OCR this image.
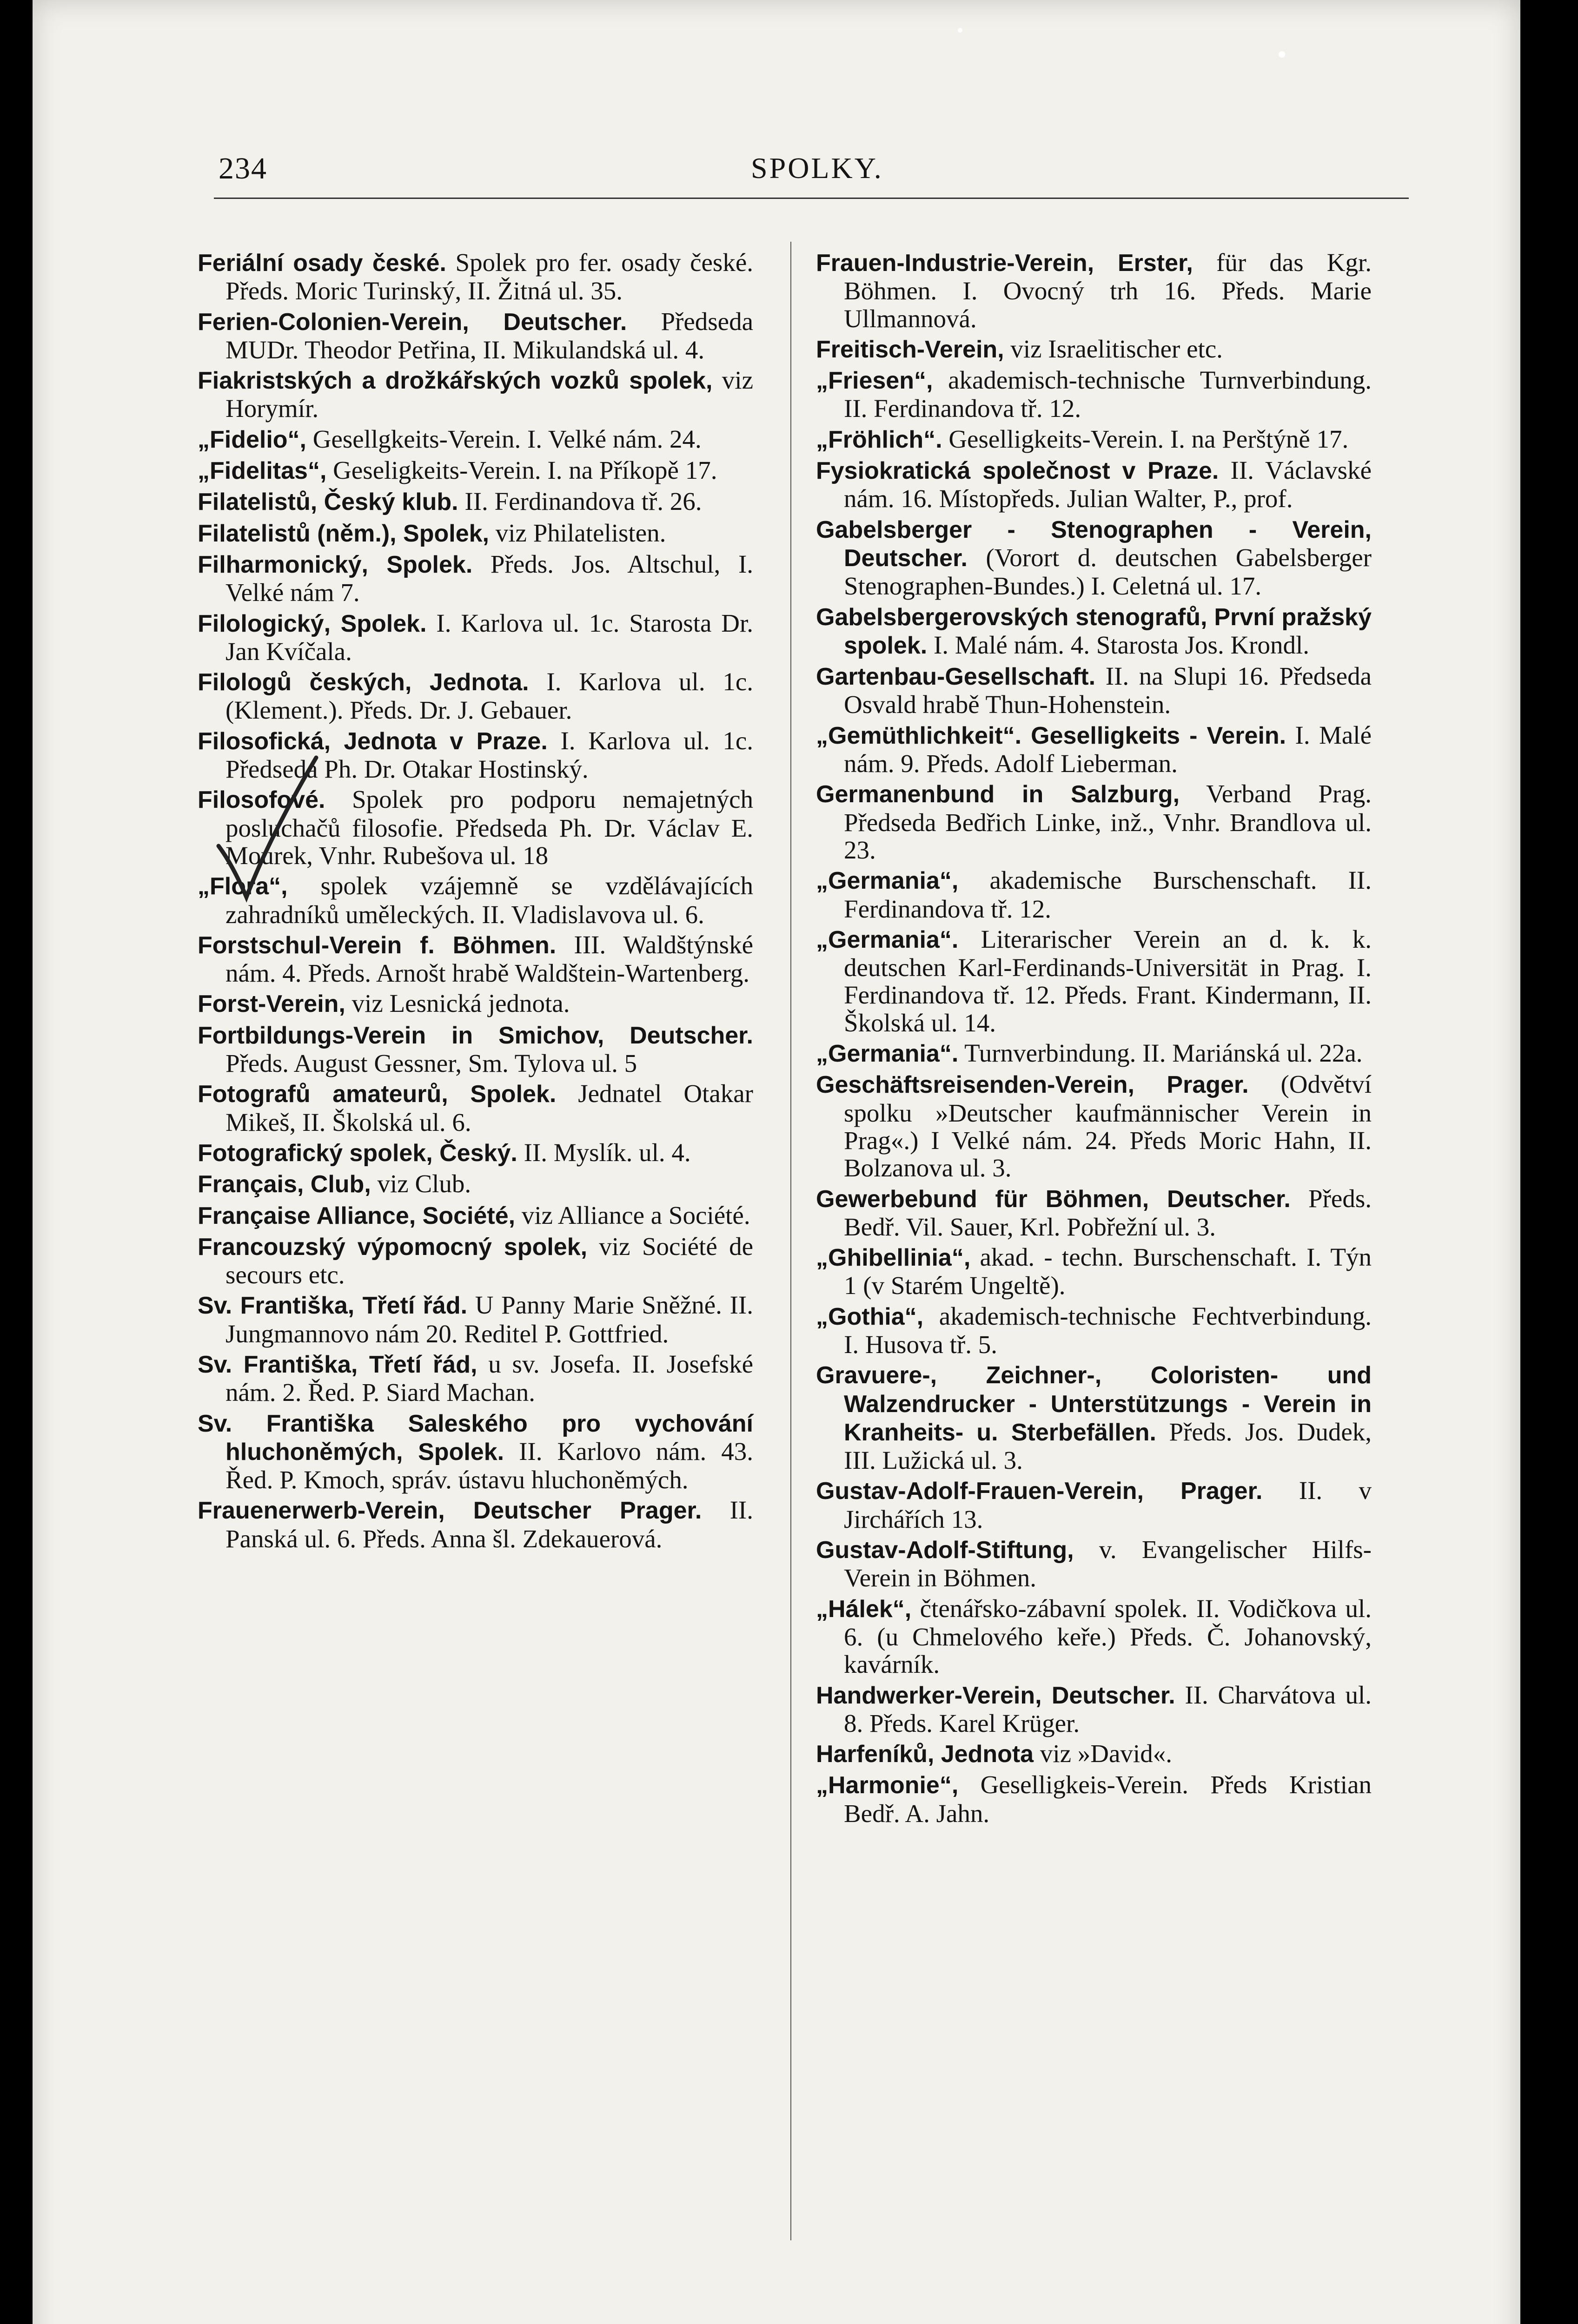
234	SPOLKY.

Feriální osady české. Spolek pro fer. osady české. Předs. Moric Turinský, II. Žitná ul. 35.

Ferien-Colonien-Verein, Deutscher. Předseda MUDr. Theodor Petřina, II. Mikulandská ul. 4.

Fiakristských a drožkářských vozků spolek, viz Horymír.

„Fidelio“, Gesellgkeits-Verein. I. Velké nám. 24.

„Fidelitas“, Geseligkeits-Verein. I. na Příkopě 17.

Filatelistů, Český klub. II. Ferdinandova tř. 26.

Filatelistů (něm.), Spolek, viz Philatelisten.

Filharmonický, Spolek. Předs. Jos. Altschul, I. Velké nám 7.

Filologický, Spolek. I. Karlova ul. 1c. Starosta Dr. Jan Kvíčala.

Filologů českých, Jednota. I. Karlova ul. 1c. (Klement.). Předs. Dr. J. Gebauer.

Filosofická, Jednota v Praze. I. Karlova ul. 1c. Předseda Ph. Dr. Otakar Hostinský.

Filosofové. Spolek pro podporu nemajetných posluchačů filosofie. Předseda Ph. Dr. Václav E. Mourek, Vnhr. Rubešova ul. 18

„Flora“, spolek vzájemně se vzdělávajících zahradníků uměleckých. II. Vladislavova ul. 6.

Forstschul-Verein f. Böhmen. III. Waldštýnské nám. 4. Předs. Arnošt hrabě Waldštein-Wartenberg.

Forst-Verein, viz Lesnická jednota.

Fortbildungs-Verein in Smichov, Deutscher. Předs. August Gessner, Sm. Tylova ul. 5

Fotografů amateurů, Spolek. Jednatel Otakar Mikeš, II. Školská ul. 6.

Fotografický spolek, Český. II. Myslík. ul. 4.

Français, Club, viz Club.

Française Alliance, Société, viz Alliance a Société.

Francouzský výpomocný spolek, viz Société de secours etc.

Sv. Františka, Třetí řád. U Panny Marie Sněžné. II. Jungmannovo nám 20. Reditel P. Gottfried.

Sv. Františka, Třetí řád, u sv. Josefa. II. Josefské nám. 2. Řed. P. Siard Machan.

Sv. Františka Saleského pro vychování hluchoněmých, Spolek. II. Karlovo nám. 43. Řed. P. Kmoch, správ. ústavu hluchoněmých.

Frauenerwerb-Verein, Deutscher Prager. II. Panská ul. 6. Předs. Anna šl. Zdekauerová.

Frauen-Industrie-Verein, Erster, für das Kgr. Böhmen. I. Ovocný trh 16. Předs. Marie Ullmannová.

Freitisch-Verein, viz Israelitischer etc.

„Friesen“, akademisch-technische Turnverbindung. II. Ferdinandova tř. 12.

„Fröhlich“. Geselligkeits-Verein. I. na Perštýně 17.

Fysiokratická společnost v Praze. II. Václavské nám. 16. Místopředs. Julian Walter, P., prof.

Gabelsberger - Stenographen - Verein, Deutscher. (Vorort d. deutschen Gabelsberger Stenographen-Bundes.) I. Celetná ul. 17.

Gabelsbergerovských stenografů, První pražský spolek. I. Malé nám. 4. Starosta Jos. Krondl.

Gartenbau-Gesellschaft. II. na Slupi 16. Předseda Osvald hrabě Thun-Hohenstein.

„Gemüthlichkeit“. Geselligkeits - Verein. I. Malé nám. 9. Předs. Adolf Lieberman.

Germanenbund in Salzburg, Verband Prag. Předseda Bedřich Linke, inž., Vnhr. Brandlova ul. 23.

„Germania“, akademische Burschenschaft. II. Ferdinandova tř. 12.

„Germania“. Literarischer Verein an d. k. k. deutschen Karl-Ferdinands-Universität in Prag. I. Ferdinandova tř. 12. Předs. Frant. Kindermann, II. Školská ul. 14.

„Germania“. Turnverbindung. II. Mariánská ul. 22a.

Geschäftsreisenden-Verein, Prager. (Odvětví spolku »Deutscher kaufmännischer Verein in Prag«.) I Velké nám. 24. Předs Moric Hahn, II. Bolzanova ul. 3.

Gewerbebund für Böhmen, Deutscher. Předs. Bedř. Vil. Sauer, Krl. Pobřežní ul. 3.

„Ghibellinia“, akad. - techn. Burschenschaft. I. Týn 1 (v Starém Ungeltě).

„Gothia“, akademisch-technische Fechtverbindung. I. Husova tř. 5.

Gravuere-, Zeichner-, Coloristen- und Walzendrucker - Unterstützungs - Verein in Kranheits- u. Sterbefällen. Předs. Jos. Dudek, III. Lužická ul. 3.

Gustav-Adolf-Frauen-Verein, Prager. II. v Jirchářích 13.

Gustav-Adolf-Stiftung, v. Evangelischer Hilfs-Verein in Böhmen.

„Hálek“, čtenářsko-zábavní spolek. II. Vodičkova ul. 6. (u Chmelového keře.) Předs. Č. Johanovský, kavárník.

Handwerker-Verein, Deutscher. II. Charvátova ul. 8. Předs. Karel Krüger.

Harfeníků, Jednota viz »David«.

„Harmonie“, Geselligkeis-Verein. Předs Kristian Bedř. A. Jahn.
